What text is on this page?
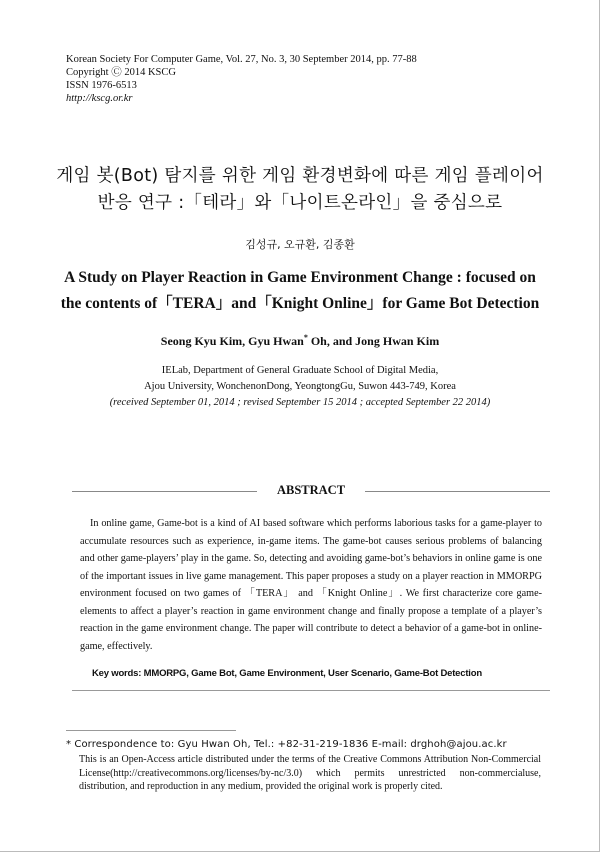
Korean Society For Computer Game, Vol. 27, No. 3, 30 September 2014, pp. 77-88
Copyright Ⓒ 2014 KSCG
ISSN 1976-6513
http://kscg.or.kr
게임 봇(Bot) 탐지를 위한 게임 환경변화에 따른 게임 플레이어
반응 연구 :「테라」와「나이트온라인」을 중심으로
김성규, 오규환, 김종환
A Study on Player Reaction in Game Environment Change : focused on
the contents of「TERA」and「Knight Online」for Game Bot Detection
Seong Kyu Kim, Gyu Hwan* Oh, and Jong Hwan Kim
IELab, Department of General Graduate School of Digital Media,
Ajou University, WonchenonDong, YeongtongGu, Suwon 443-749, Korea
(received September 01, 2014 ; revised September 15 2014 ; accepted September 22 2014)
ABSTRACT

In online game, Game-bot is a kind of AI based software which performs laborious tasks for a game-player to accumulate resources such as experience, in-game items. The game-bot causes serious problems of balancing and other game-players’ play in the game. So, detecting and avoiding game-bot’s behaviors in online game is one of the important issues in live game management. This paper proposes a study on a player reaction in MMORPG environment focused on two games of 「TERA」 and 「Knight Online」. We first characterize core game-elements to affect a player’s reaction in game environment change and finally propose a template of a player’s reaction in the game environment change. The paper will contribute to detect a behavior of a game-bot in online-game, effectively.

Key words: MMORPG, Game Bot, Game Environment, User Scenario, Game-Bot Detection
* Correspondence to: Gyu Hwan Oh, Tel.: +82-31-219-1836 E-mail: drghoh@ajou.ac.kr

This is an Open-Access article distributed under the terms of the Creative Commons Attribution Non-Commercial License(http://creativecommons.org/licenses/by-nc/3.0) which permits unrestricted non-commercialuse, distribution, and reproduction in any medium, provided the original work is properly cited.
